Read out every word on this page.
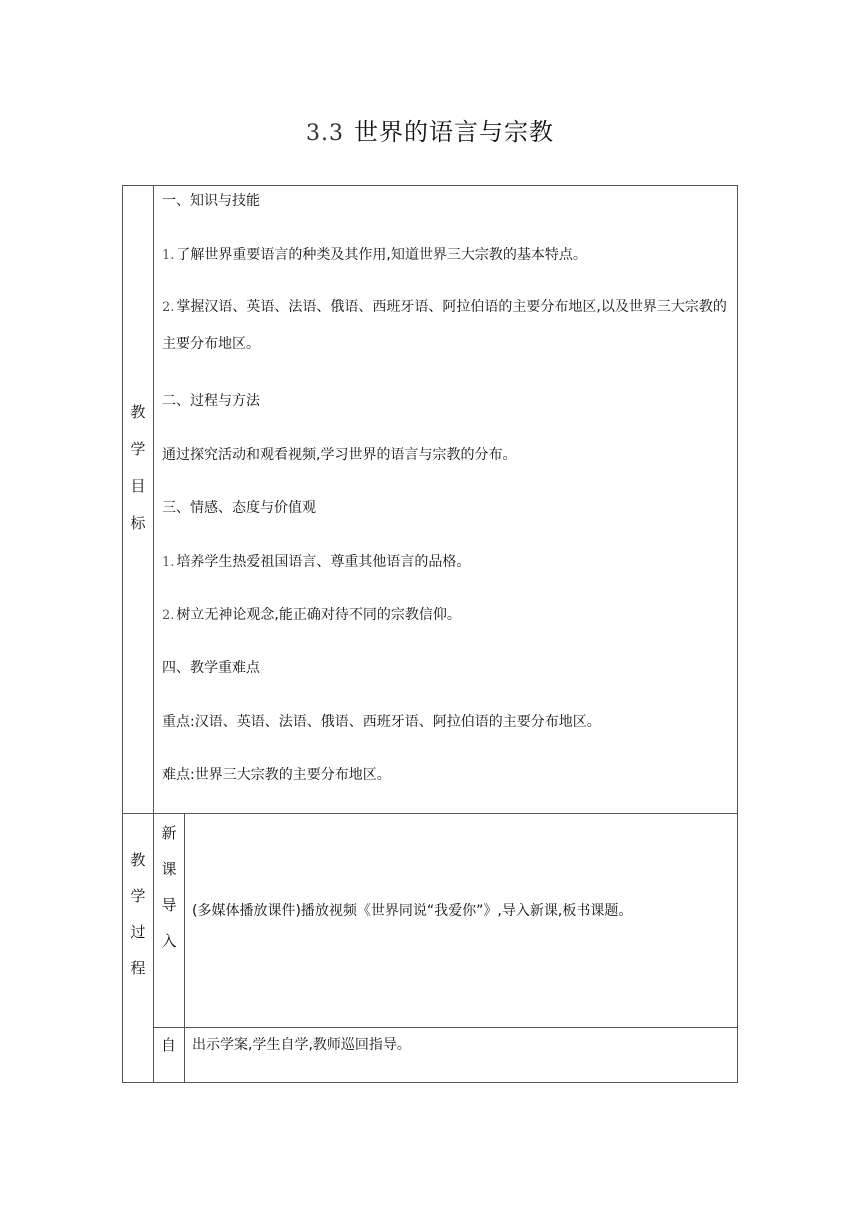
3.3 世界的语言与宗教
教
学
目
标
一、知识与技能
1. 了解世界重要语言的种类及其作用,知道世界三大宗教的基本特点。
2. 掌握汉语、英语、法语、俄语、西班牙语、阿拉伯语的主要分布地区,以及世界三大宗教的主要分布地区。
二、过程与方法
通过探究活动和观看视频,学习世界的语言与宗教的分布。
三、情感、态度与价值观
1. 培养学生热爱祖国语言、尊重其他语言的品格。
2. 树立无神论观念,能正确对待不同的宗教信仰。
四、教学重难点
重点:汉语、英语、法语、俄语、西班牙语、阿拉伯语的主要分布地区。
难点:世界三大宗教的主要分布地区。
教
学
过
程
新
课
导
入
(多媒体播放课件)播放视频《世界同说“我爱你”》,导入新课,板书课题。
自 出示学案,学生自学,教师巡回指导。
